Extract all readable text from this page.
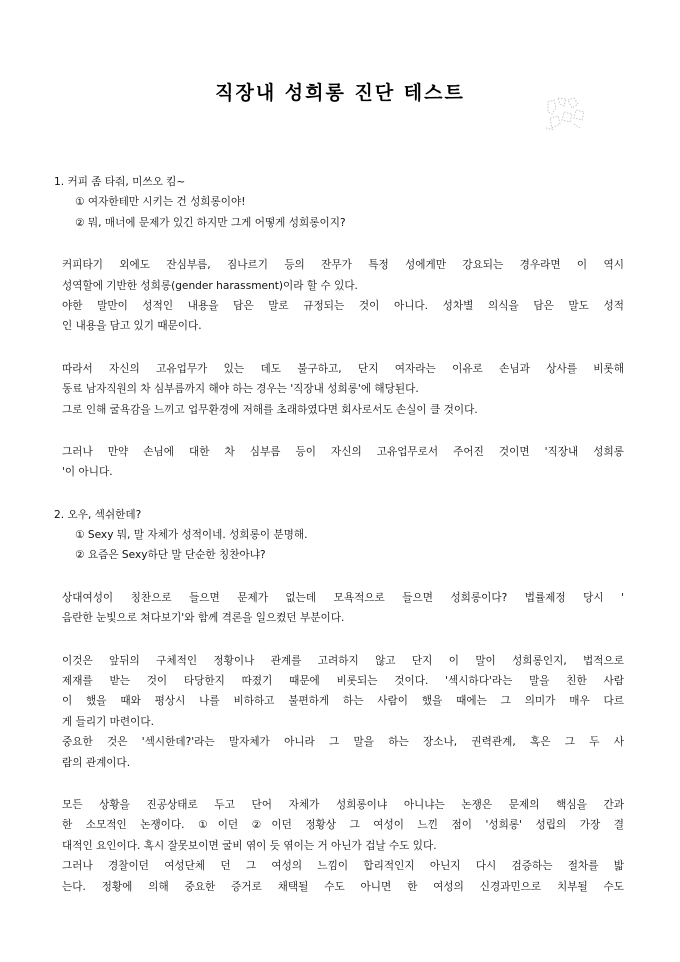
직장내 성희롱 진단 테스트
1. 커피 좀 타줘, 미쓰오 킴~
① 여자한테만 시키는 건 성희롱이야!
② 뭐, 매너에 문제가 있긴 하지만 그게 어떻게 성희롱이지?
커피타기 외에도 잔심부름, 짐나르기 등의 잔무가 특정 성에게만 강요되는 경우라면 이 역시
성역할에 기반한 성희롱(gender harassment)이라 할 수 있다.
야한 말만이 성적인 내용을 담은 말로 규정되는 것이 아니다. 성차별 의식을 담은 말도 성적
인 내용을 담고 있기 때문이다.
따라서 자신의 고유업무가 있는 데도 불구하고, 단지 여자라는 이유로 손님과 상사를 비롯해
동료 남자직원의 차 심부름까지 해야 하는 경우는 '직장내 성희롱'에 해당된다.
그로 인해 굴욕감을 느끼고 업무환경에 저해를 초래하였다면 회사로서도 손실이 클 것이다.
그러나 만약 손님에 대한 차 심부름 등이 자신의 고유업무로서 주어진 것이면 '직장내 성희롱
'이 아니다.
2. 오우, 섹쉬한데?
① Sexy 뭐, 말 자체가 성적이네. 성희롱이 분명해.
② 요즘은 Sexy하단 말 단순한 칭찬아냐?
상대여성이 칭찬으로 들으면 문제가 없는데 모욕적으로 들으면 성희롱이다? 법률제정 당시 '
음란한 눈빛으로 쳐다보기'와 함께 격론을 일으켰던 부분이다.
이것은 앞뒤의 구체적인 정황이나 관계를 고려하지 않고 단지 이 말이 성희롱인지, 법적으로
제재를 받는 것이 타당한지 따졌기 때문에 비롯되는 것이다. '섹시하다'라는 말을 친한 사람
이 했을 때와 평상시 나를 비하하고 불편하게 하는 사람이 했을 때에는 그 의미가 매우 다르
게 들리기 마련이다.
중요한 것은 '섹시한데?'라는 말자체가 아니라 그 말을 하는 장소나, 권력관계, 혹은 그 두 사
람의 관계이다.
모든 상황을 진공상태로 두고 단어 자체가 성희롱이냐 아니냐는 논쟁은 문제의 핵심을 간과
한 소모적인 논쟁이다. ①이던 ②이던 정황상 그 여성이 느낀 점이 '성희롱' 성립의 가장 결
대적인 요인이다. 혹시 잘못보이면 굴비 엮이 듯 엮이는 거 아닌가 겁날 수도 있다.
그러나 경찰이던 여성단체 던 그 여성의 느낌이 합리적인지 아닌지 다시 검증하는 절차를 밟
는다. 정황에 의해 중요한 증거로 채택될 수도 아니면 한 여성의 신경과민으로 치부될 수도
